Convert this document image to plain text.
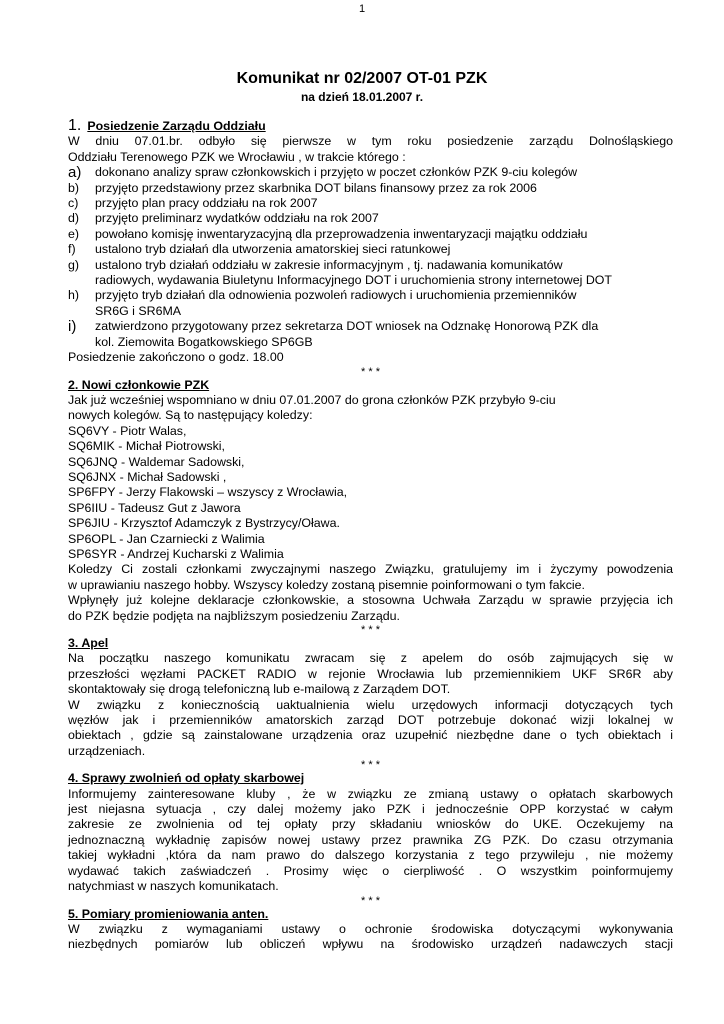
1
Komunikat nr 02/2007 OT-01 PZK
na dzień 18.01.2007 r.

1. Posiedzenie Zarządu Oddziału

W dniu 07.01.br. odbyło się pierwsze w tym roku posiedzenie zarządu Dolnośląskiego

Oddziału Terenowego PZK we Wrocławiu , w trakcie którego :

a)	dokonano analizy spraw członkowskich i przyjęto w poczet członków PZK 9-ciu kolegów
b)	przyjęto przedstawiony przez skarbnika DOT bilans finansowy przez za rok 2006
c)	przyjęto plan pracy oddziału na rok 2007
d)	przyjęto preliminarz wydatków oddziału na rok 2007
e)	powołano komisję inwentaryzacyjną dla przeprowadzenia inwentaryzacji majątku oddziału
f)	ustalono tryb działań dla utworzenia amatorskiej sieci ratunkowej
g)	ustalono tryb działań oddziału w zakresie informacyjnym , tj. nadawania komunikatów
radiowych, wydawania Biuletynu Informacyjnego DOT i uruchomienia strony internetowej DOT
h)	przyjęto tryb działań dla odnowienia pozwoleń radiowych i uruchomienia przemienników
SR6G i SR6MA
i)	zatwierdzono przygotowany przez sekretarza DOT wniosek na Odznakę Honorową PZK dla
kol. Ziemowita Bogatkowskiego SP6GB

Posiedzenie zakończono o godz. 18.00

* * *

2. Nowi członkowie PZK

Jak już wcześniej wspomniano w dniu 07.01.2007 do grona członków PZK przybyło 9-ciu

nowych kolegów. Są to następujący koledzy:

SQ6VY - Piotr Walas,

SQ6MIK - Michał Piotrowski,

SQ6JNQ - Waldemar Sadowski,

SQ6JNX - Michał Sadowski ,

SP6FPY - Jerzy Flakowski – wszyscy z Wrocławia,

SP6IIU - Tadeusz Gut z Jawora

SP6JIU - Krzysztof Adamczyk z Bystrzycy/Oława.

SP6OPL - Jan Czarniecki z Walimia

SP6SYR - Andrzej Kucharski z Walimia

Koledzy Ci zostali członkami zwyczajnymi naszego Związku, gratulujemy im i życzymy powodzenia

w uprawianiu naszego hobby. Wszyscy koledzy zostaną pisemnie poinformowani o tym fakcie.

Wpłynęły już kolejne deklaracje członkowskie, a stosowna Uchwała Zarządu w sprawie przyjęcia ich

do PZK będzie podjęta na najbliższym posiedzeniu Zarządu.

* * *

3. Apel

Na początku naszego komunikatu zwracam się z apelem do osób zajmujących się w

przeszłości węzłami PACKET RADIO w rejonie Wrocławia lub przemiennikiem UKF SR6R aby

skontaktowały się drogą telefoniczną lub e-mailową z Zarządem DOT.

W związku z koniecznością uaktualnienia wielu urzędowych informacji dotyczących tych

węzłów jak i przemienników amatorskich zarząd DOT potrzebuje dokonać wizji lokalnej w

obiektach , gdzie są zainstalowane urządzenia oraz uzupełnić niezbędne dane o tych obiektach i

urządzeniach.

* * *

4. Sprawy zwolnień od opłaty skarbowej

Informujemy zainteresowane kluby , że w związku ze zmianą ustawy o opłatach skarbowych

jest niejasna sytuacja , czy dalej możemy jako PZK i jednocześnie OPP korzystać w całym

zakresie ze zwolnienia od tej opłaty przy składaniu wniosków do UKE. Oczekujemy na

jednoznaczną wykładnię zapisów nowej ustawy przez prawnika ZG PZK. Do czasu otrzymania

takiej wykładni ,która da nam prawo do dalszego korzystania z tego przywileju , nie możemy

wydawać takich zaświadczeń . Prosimy więc o cierpliwość . O wszystkim poinformujemy

natychmiast w naszych komunikatach.

* * *

5. Pomiary promieniowania anten.

W związku z wymaganiami ustawy o ochronie środowiska dotyczącymi wykonywania

niezbędnych pomiarów lub obliczeń wpływu na środowisko urządzeń nadawczych stacji
